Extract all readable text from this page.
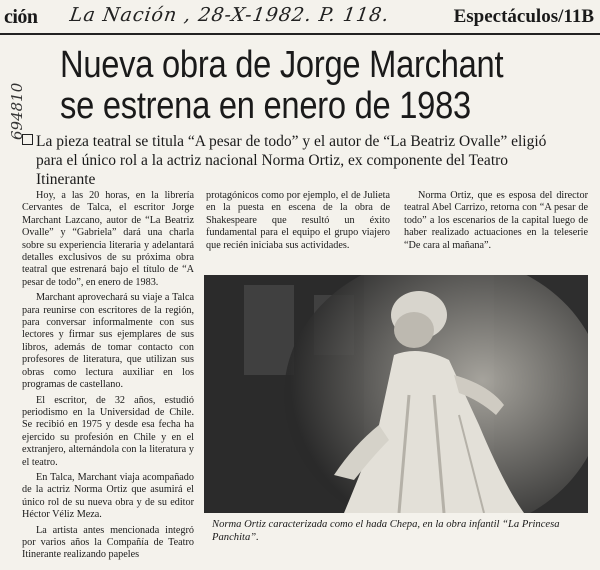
ción La Nación , 28-X-1982. P. 118.	Espectáculos/11B
694810
Nueva obra de Jorge Marchant
se estrena en enero de 1983
La pieza teatral se titula “A pesar de todo” y el autor de “La Beatriz Ovalle” eligió
para el único rol a la actriz nacional Norma Ortiz, ex componente del Teatro
Itinerante

Hoy, a las 20 horas, en la librería Cervantes de Talca, el escritor Jorge Marchant Lazcano, autor de “La Beatriz Ovalle” y “Gabriela” dará una charla sobre su experiencia literaria y adelantará detalles exclusivos de su próxima obra teatral que estrenará bajo el título de “A pesar de todo”, en enero de 1983.

Marchant aprovechará su viaje a Talca para reunirse con escritores de la región, para conversar informalmente con sus lectores y firmar sus ejemplares de sus libros, además de tomar contacto con profesores de literatura, que utilizan sus obras como lectura auxiliar en los programas de castellano.

El escritor, de 32 años, estudió periodismo en la Universidad de Chile. Se recibió en 1975 y desde esa fecha ha ejercido su profesión en Chile y en el extranjero, alternándola con la literatura y el teatro.

En Talca, Marchant viaja acompañado de la actriz Norma Ortiz que asumirá el único rol de su nueva obra y de su editor Héctor Véliz Meza.

La artista antes mencionada integró por varios años la Compañía de Teatro Itinerante realizando papeles

protagónicos como por ejemplo, el de Julieta en la puesta en escena de la obra de Shakespeare que resultó un éxito fundamental para el equipo el grupo viajero que recién iniciaba sus actividades.

Norma Ortiz, que es esposa del director teatral Abel Carrizo, retorna con “A pesar de todo” a los escenarios de la capital luego de haber realizado actuaciones en la teleserie “De cara al mañana”.

Norma Ortiz caracterizada como el hada Chepa, en la obra infantil “La Princesa Panchita”.
